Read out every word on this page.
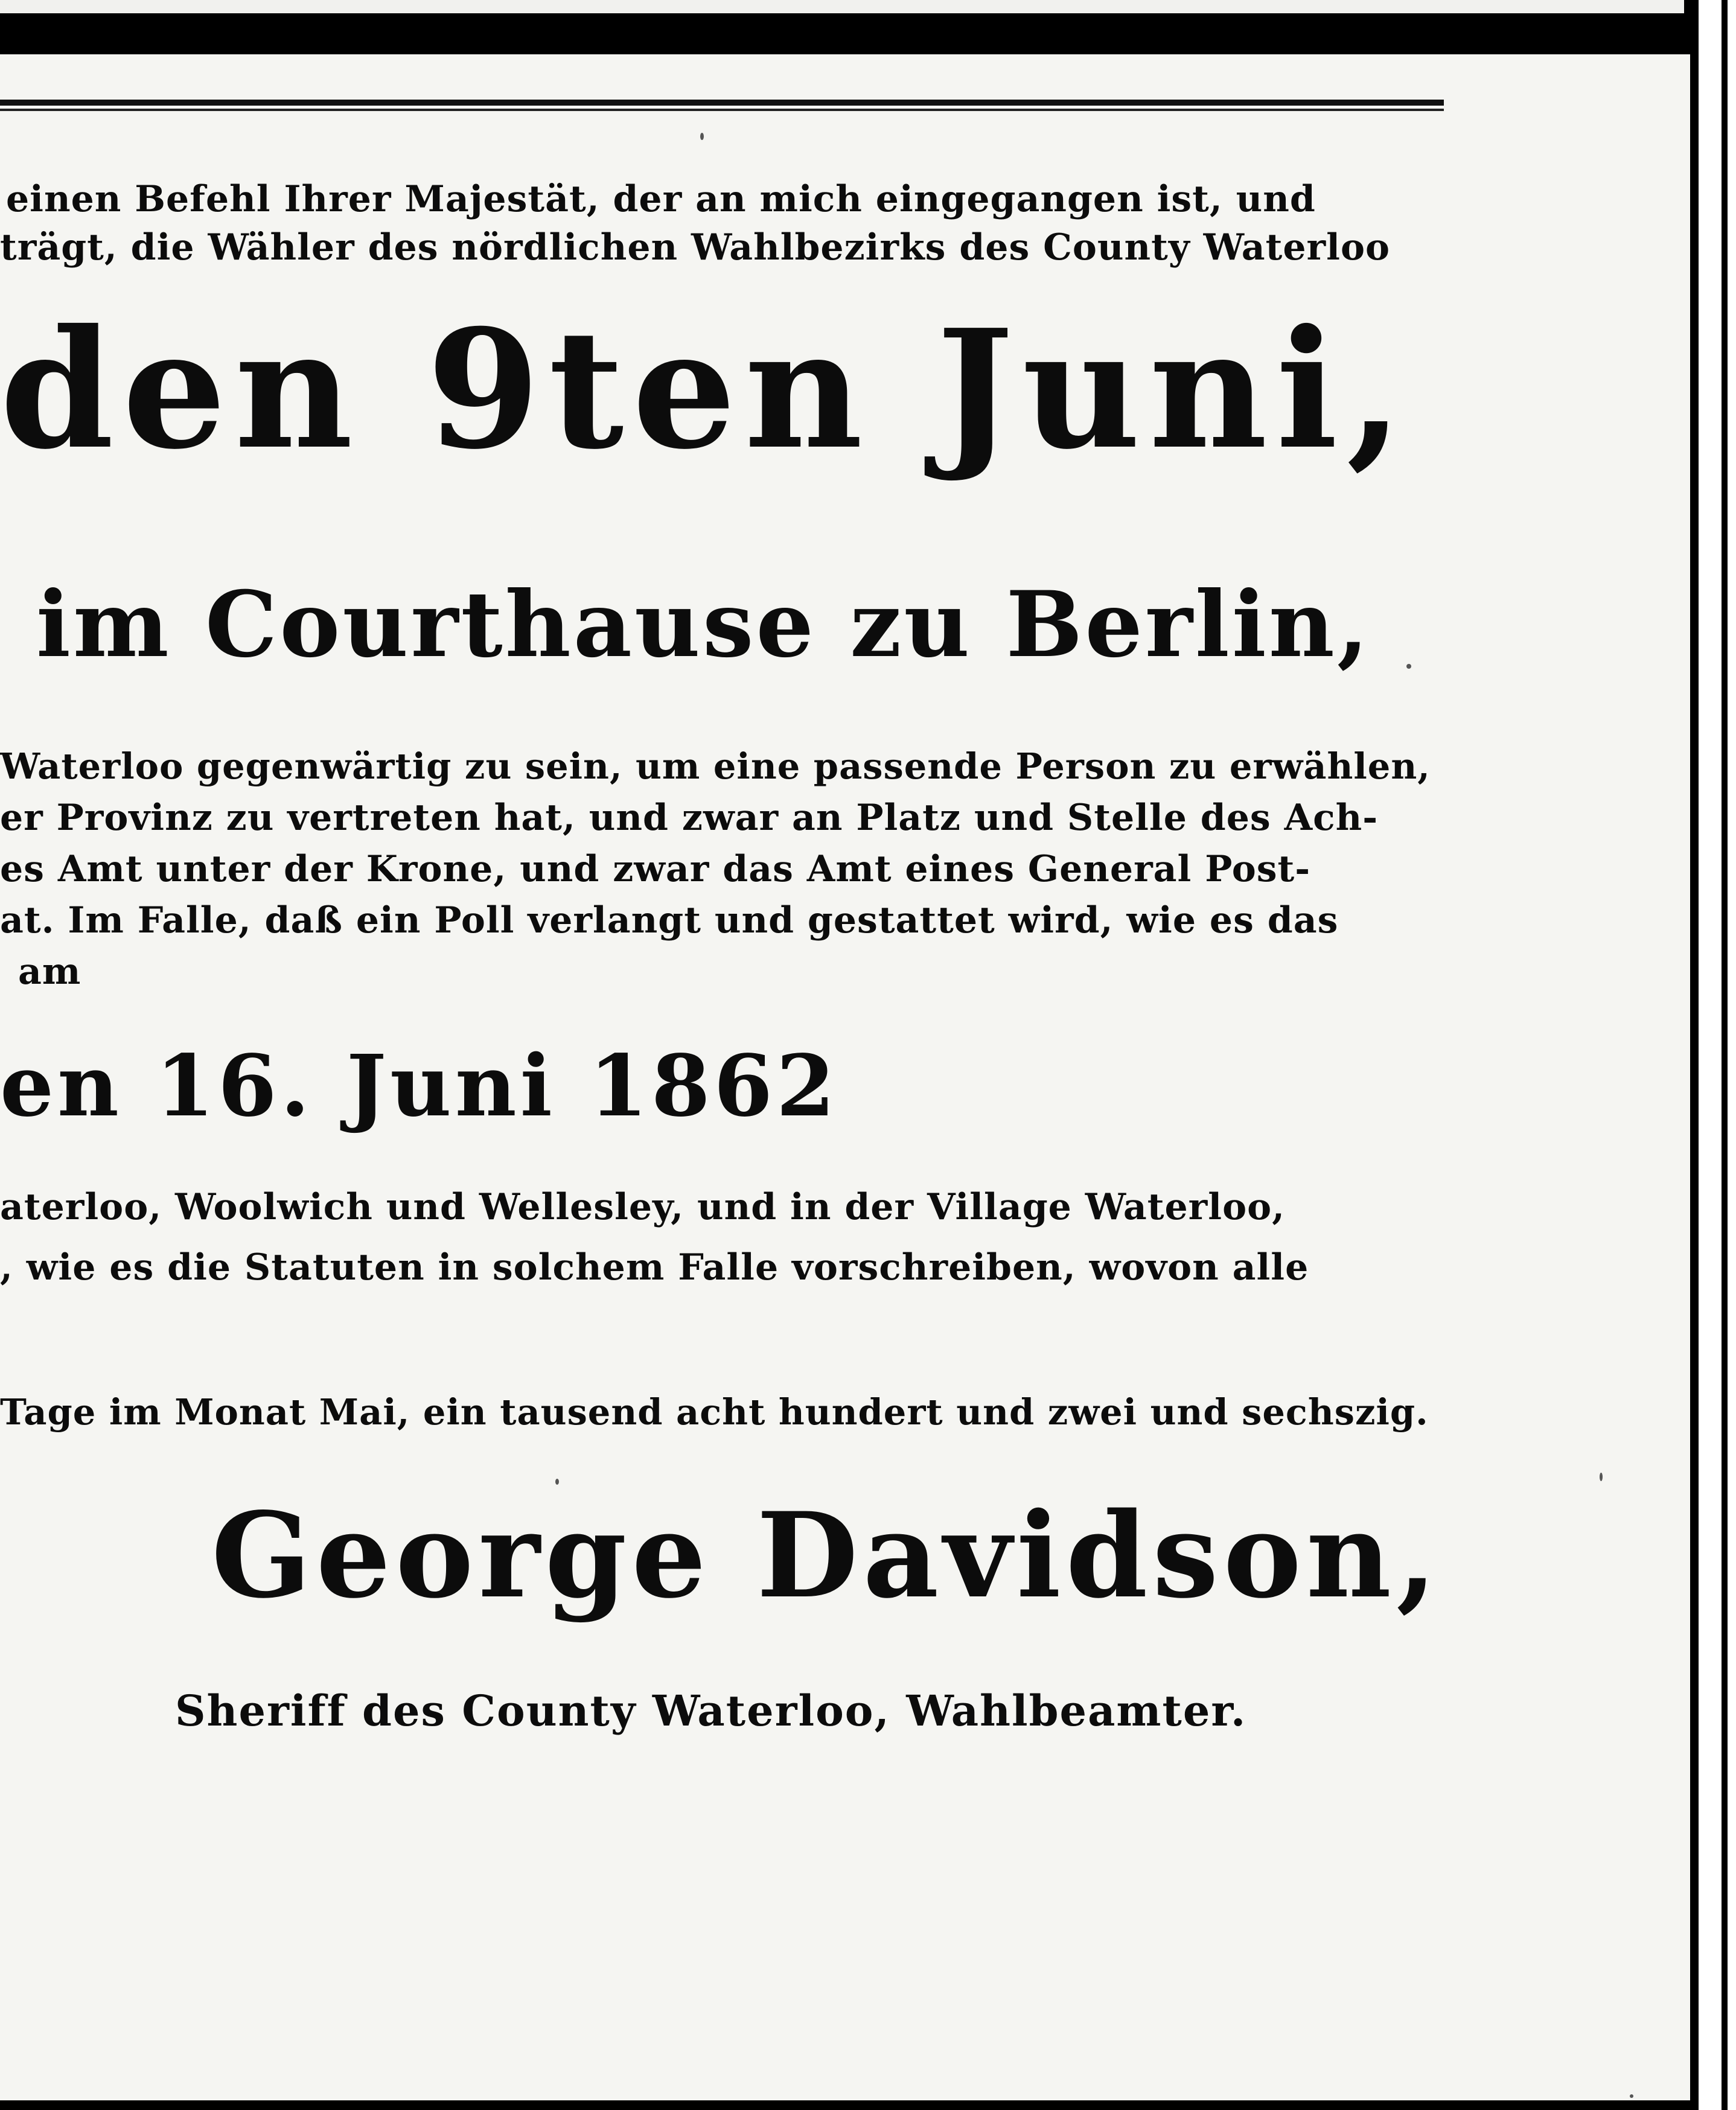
einen Befehl Ihrer Majestät, der an mich eingegangen ist, und

trägt, die Wähler des nördlichen Wahlbezirks des County Waterloo

den 9ten Juni,

im Courthause zu Berlin,

Waterloo gegenwärtig zu sein, um eine passende Person zu erwählen,

er Provinz zu vertreten hat, und zwar an Platz und Stelle des Ach-

es Amt unter der Krone, und zwar das Amt eines General Post-

at. Im Falle, daß ein Poll verlangt und gestattet wird, wie es das

am

en 16. Juni 1862

aterloo, Woolwich und Wellesley, und in der Village Waterloo,

, wie es die Statuten in solchem Falle vorschreiben, wovon alle

Tage im Monat Mai, ein tausend acht hundert und zwei und sechszig.

George Davidson,

Sheriff des County Waterloo, Wahlbeamter.
